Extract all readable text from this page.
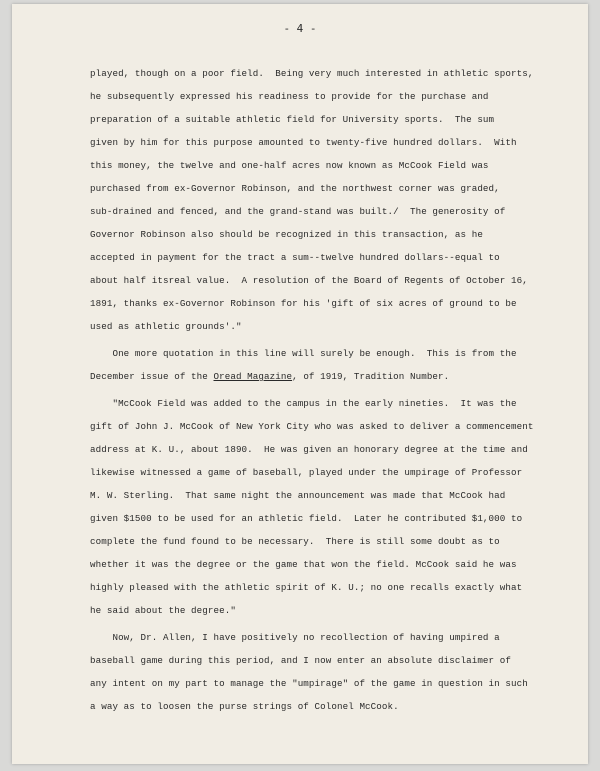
- 4 -
played, though on a poor field.  Being very much interested in athletic sports,
he subsequently expressed his readiness to provide for the purchase and
preparation of a suitable athletic field for University sports.  The sum
given by him for this purpose amounted to twenty-five hundred dollars.  With
this money, the twelve and one-half acres now known as McCook Field was
purchased from ex-Governor Robinson, and the northwest corner was graded,
sub-drained and fenced, and the grand-stand was built./  The generosity of
Governor Robinson also should be recognized in this transaction, as he
accepted in payment for the tract a sum--twelve hundred dollars--equal to
about half itsreal value.  A resolution of the Board of Regents of October 16,
1891, thanks ex-Governor Robinson for his 'gift of six acres of ground to be
used as athletic grounds'."
One more quotation in this line will surely be enough.  This is from the
December issue of the Oread Magazine, of 1919, Tradition Number.
"McCook Field was added to the campus in the early nineties.  It was the
gift of John J. McCook of New York City who was asked to deliver a commencement
address at K. U., about 1890.  He was given an honorary degree at the time and
likewise witnessed a game of baseball, played under the umpirage of Professor
M. W. Sterling.  That same night the announcement was made that McCook had
given $1500 to be used for an athletic field.  Later he contributed $1,000 to
complete the fund found to be necessary.  There is still some doubt as to
whether it was the degree or the game that won the field. McCook said he was
highly pleased with the athletic spirit of K. U.; no one recalls exactly what
he said about the degree."
Now, Dr. Allen, I have positively no recollection of having umpired a
baseball game during this period, and I now enter an absolute disclaimer of
any intent on my part to manage the "umpirage" of the game in question in such
a way as to loosen the purse strings of Colonel McCook.
